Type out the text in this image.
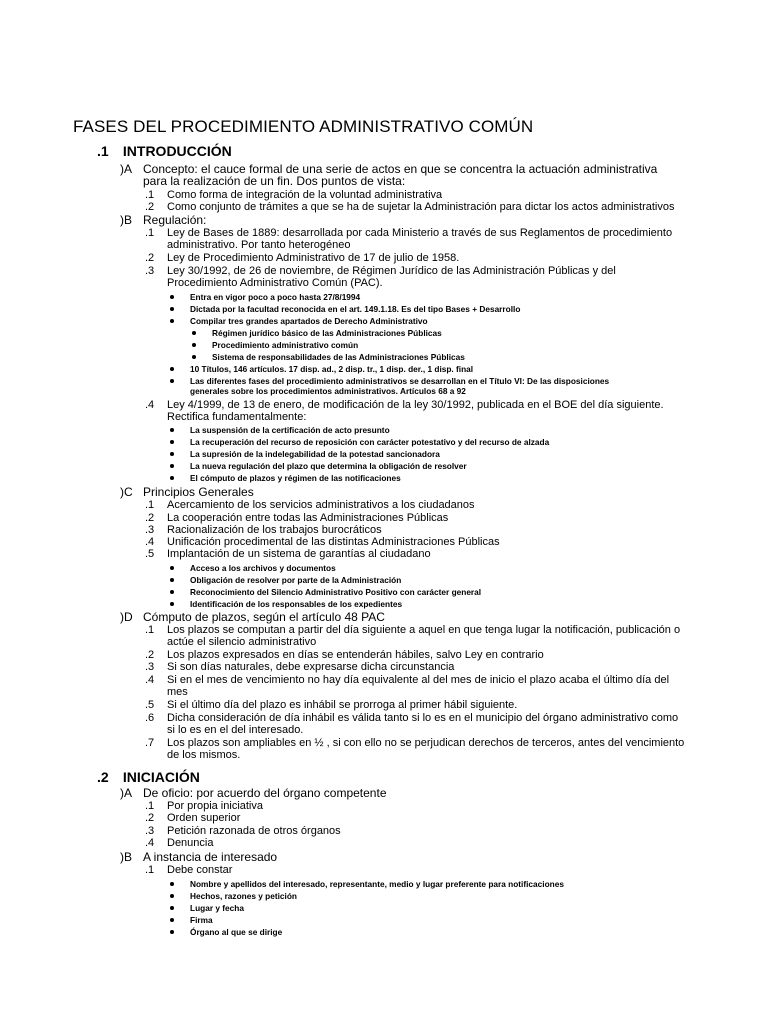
FASES DEL PROCEDIMIENTO ADMINISTRATIVO COMÚN
.1 INTRODUCCIÓN
)A Concepto: el cauce formal de una serie de actos en que se concentra la actuación administrativa
para la realización de un fin. Dos puntos de vista:
.1 Como forma de integración de la voluntad administrativa
.2 Como conjunto de trámites a que se ha de sujetar la Administración para dictar los actos administrativos
)B Regulación:
.1 Ley de Bases de 1889: desarrollada por cada Ministerio a través de sus Reglamentos de procedimiento
administrativo. Por tanto heterogéneo
.2 Ley de Procedimiento Administrativo de 17 de julio de 1958.
.3 Ley 30/1992, de 26 de noviembre, de Régimen Jurídico de las Administración Públicas y del
Procedimiento Administrativo Común (PAC).
Entra en vigor poco a poco hasta 27/8/1994
Dictada por la facultad reconocida en el art. 149.1.18. Es del tipo Bases + Desarrollo
Compilar tres grandes apartados de Derecho Administrativo
Régimen jurídico básico de las Administraciones Públicas
Procedimiento administrativo común
Sistema de responsabilidades de las Administraciones Públicas
10 Títulos, 146 artículos. 17 disp. ad., 2 disp. tr., 1 disp. der., 1 disp. final
Las diferentes fases del procedimiento administrativos se desarrollan en el Título VI: De las disposiciones
generales sobre los procedimientos administrativos. Artículos 68 a 92
.4 Ley 4/1999, de 13 de enero, de modificación de la ley 30/1992, publicada en el BOE del día siguiente.
Rectifica fundamentalmente:
La suspensión de la certificación de acto presunto
La recuperación del recurso de reposición con carácter potestativo y del recurso de alzada
La supresión de la indelegabilidad de la potestad sancionadora
La nueva regulación del plazo que determina la obligación de resolver
El cómputo de plazos y régimen de las notificaciones
)C Principios Generales
.1 Acercamiento de los servicios administrativos a los ciudadanos
.2 La cooperación entre todas las Administraciones Públicas
.3 Racionalización de los trabajos burocráticos
.4 Unificación procedimental de las distintas Administraciones Públicas
.5 Implantación de un sistema de garantías al ciudadano
Acceso a los archivos y documentos
Obligación de resolver por parte de la Administración
Reconocimiento del Silencio Administrativo Positivo con carácter general
Identificación de los responsables de los expedientes
)D Cómputo de plazos, según el artículo 48 PAC
.1 Los plazos se computan a partir del día siguiente a aquel en que tenga lugar la notificación, publicación o
actúe el silencio administrativo
.2 Los plazos expresados en días se entenderán hábiles, salvo Ley en contrario
.3 Si son días naturales, debe expresarse dicha circunstancia
.4 Si en el mes de vencimiento no hay día equivalente al del mes de inicio el plazo acaba el último día del
mes
.5 Si el último día del plazo es inhábil se prorroga al primer hábil siguiente.
.6 Dicha consideración de día inhábil es válida tanto si lo es en el municipio del órgano administrativo como
si lo es en el del interesado.
.7 Los plazos son ampliables en ½ , si con ello no se perjudican derechos de terceros, antes del vencimiento
de los mismos.
.2 INICIACIÓN
)A De oficio: por acuerdo del órgano competente
.1 Por propia iniciativa
.2 Orden superior
.3 Petición razonada de otros órganos
.4 Denuncia
)B A instancia de interesado
.1 Debe constar
Nombre y apellidos del interesado, representante, medio y lugar preferente para notificaciones
Hechos, razones y petición
Lugar y fecha
Firma
Órgano al que se dirige
